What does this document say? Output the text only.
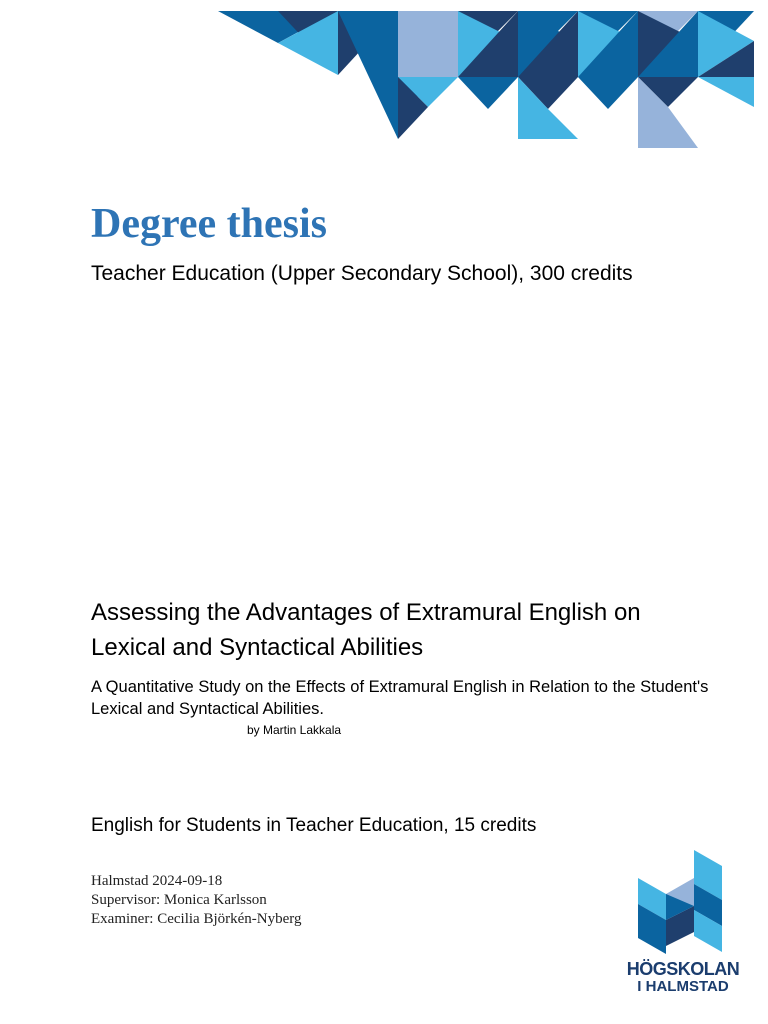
Degree thesis

Teacher Education (Upper Secondary School), 300 credits

Assessing the Advantages of Extramural English on Lexical and Syntactical Abilities

A Quantitative Study on the Effects of Extramural English in Relation to the Student's Lexical and Syntactical Abilities.

by Martin Lakkala

English for Students in Teacher Education, 15 credits

Halmstad 2024-09-18
Supervisor: Monica Karlsson
Examiner: Cecilia Björkén-Nyberg
HÖGSKOLAN
I HALMSTAD
